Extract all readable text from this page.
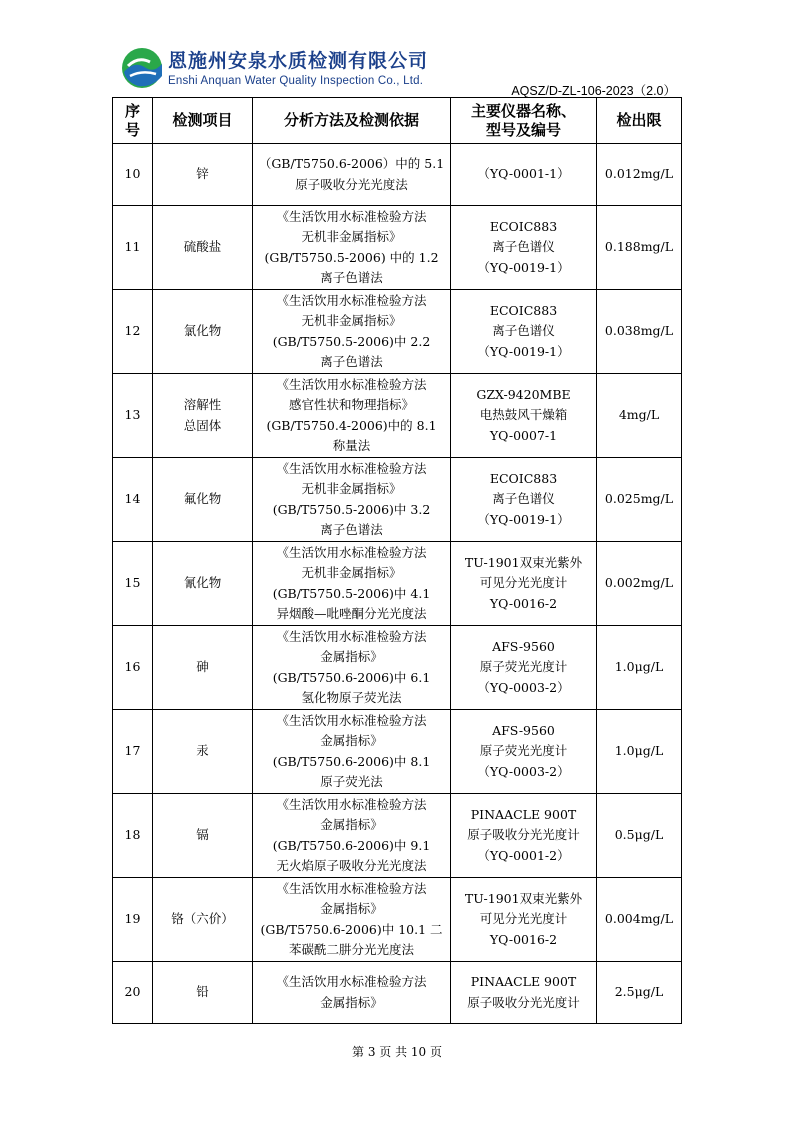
恩施州安泉水质检测有限公司
Enshi Anquan Water Quality Inspection Co., Ltd.
AQSZ/D-ZL-106-2023（2.0）
序
号	检测项目	分析方法及检测依据	主要仪器名称、
型号及编号	检出限

10	锌	（GB/T5750.6-2006）中的 5.1
原子吸收分光光度法	（YQ-0001-1）	0.012mg/L
11	硫酸盐	《生活饮用水标准检验方法
无机非金属指标》
(GB/T5750.5-2006) 中的 1.2
离子色谱法	ECOIC883
离子色谱仪
（YQ-0019-1）	0.188mg/L
12	氯化物	《生活饮用水标准检验方法
无机非金属指标》
(GB/T5750.5-2006)中 2.2
离子色谱法	ECOIC883
离子色谱仪
（YQ-0019-1）	0.038mg/L
13	溶解性
总固体	《生活饮用水标准检验方法
感官性状和物理指标》
(GB/T5750.4-2006)中的 8.1
称量法	GZX-9420MBE
电热鼓风干燥箱
YQ-0007-1	4mg/L
14	氟化物	《生活饮用水标准检验方法
无机非金属指标》
(GB/T5750.5-2006)中 3.2
离子色谱法	ECOIC883
离子色谱仪
（YQ-0019-1）	0.025mg/L
15	氰化物	《生活饮用水标准检验方法
无机非金属指标》
(GB/T5750.5-2006)中 4.1
异烟酸—吡唑酮分光光度法	TU-1901双束光紫外
可见分光光度计
YQ-0016-2	0.002mg/L
16	砷	《生活饮用水标准检验方法
金属指标》
(GB/T5750.6-2006)中 6.1
氢化物原子荧光法	AFS-9560
原子荧光光度计
（YQ-0003-2）	1.0μg/L
17	汞	《生活饮用水标准检验方法
金属指标》
(GB/T5750.6-2006)中 8.1
原子荧光法	AFS-9560
原子荧光光度计
（YQ-0003-2）	1.0μg/L
18	镉	《生活饮用水标准检验方法
金属指标》
(GB/T5750.6-2006)中 9.1
无火焰原子吸收分光光度法	PINAACLE 900T
原子吸收分光光度计
（YQ-0001-2）	0.5μg/L
19	铬（六价）	《生活饮用水标准检验方法
金属指标》
(GB/T5750.6-2006)中 10.1 二
苯碳酰二肼分光光度法	TU-1901双束光紫外
可见分光光度计
YQ-0016-2	0.004mg/L
20	铅	《生活饮用水标准检验方法
金属指标》	PINAACLE 900T
原子吸收分光光度计	2.5μg/L
第 3 页 共 10 页
